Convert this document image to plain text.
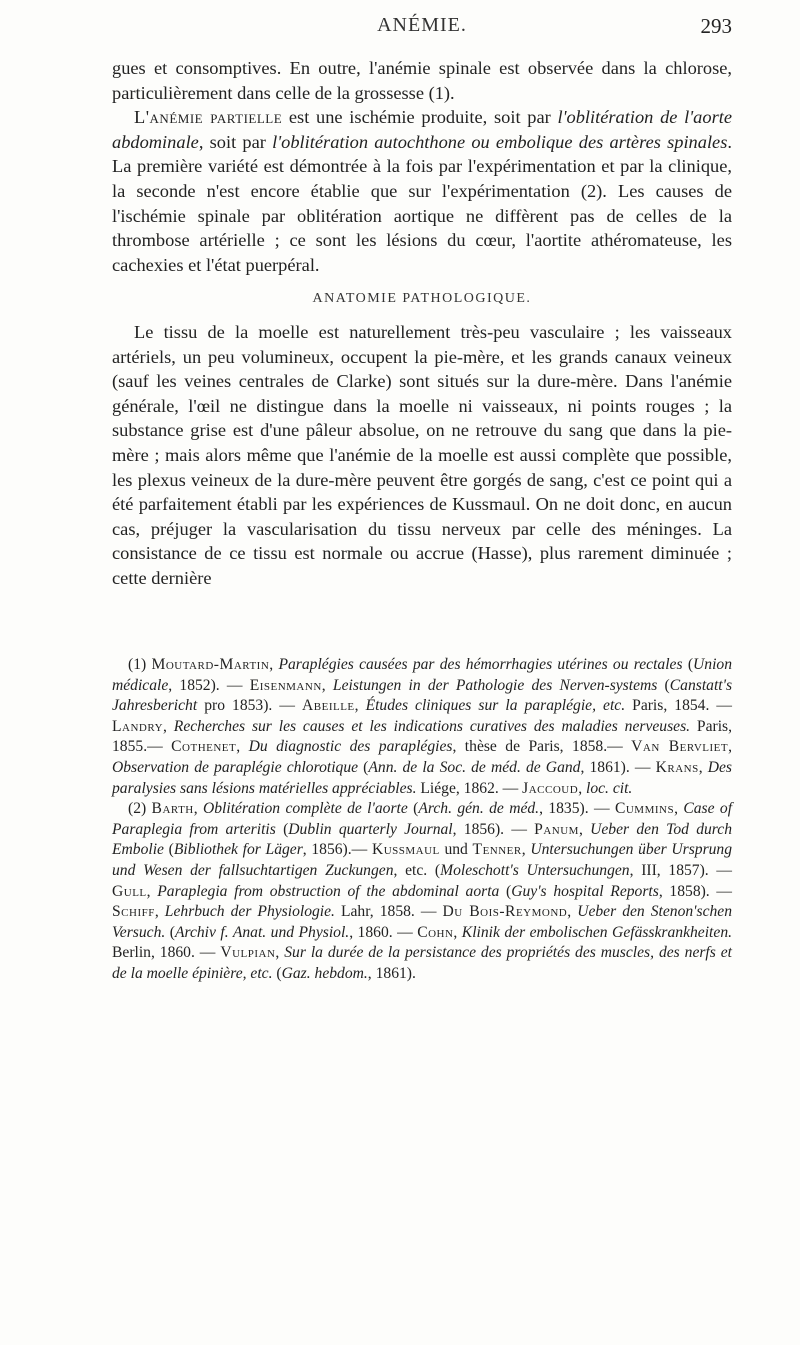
ANÉMIE.	293

gues et consomptives. En outre, l'anémie spinale est observée dans la chlorose, particulièrement dans celle de la grossesse (1).

L'anémie partielle est une ischémie produite, soit par l'oblitération de l'aorte abdominale, soit par l'oblitération autochthone ou embolique des artères spinales. La première variété est démontrée à la fois par l'expérimentation et par la clinique, la seconde n'est encore établie que sur l'expérimentation (2). Les causes de l'ischémie spinale par oblitération aortique ne diffèrent pas de celles de la thrombose artérielle ; ce sont les lésions du cœur, l'aortite athéromateuse, les cachexies et l'état puerpéral.

ANATOMIE PATHOLOGIQUE.

Le tissu de la moelle est naturellement très-peu vasculaire ; les vaisseaux artériels, un peu volumineux, occupent la pie-mère, et les grands canaux veineux (sauf les veines centrales de Clarke) sont situés sur la dure-mère. Dans l'anémie générale, l'œil ne distingue dans la moelle ni vaisseaux, ni points rouges ; la substance grise est d'une pâleur absolue, on ne retrouve du sang que dans la pie-mère ; mais alors même que l'anémie de la moelle est aussi complète que possible, les plexus veineux de la dure-mère peuvent être gorgés de sang, c'est ce point qui a été parfaitement établi par les expériences de Kussmaul. On ne doit donc, en aucun cas, préjuger la vascularisation du tissu nerveux par celle des méninges. La consistance de ce tissu est normale ou accrue (Hasse), plus rarement diminuée ; cette dernière

(1) Moutard-Martin, Paraplégies causées par des hémorrhagies utérines ou rectales (Union médicale, 1852). — Eisenmann, Leistungen in der Pathologie des Nerven-systems (Canstatt's Jahresbericht pro 1853). — Abeille, Études cliniques sur la paraplégie, etc. Paris, 1854. — Landry, Recherches sur les causes et les indications curatives des maladies nerveuses. Paris, 1855.— Cothenet, Du diagnostic des paraplégies, thèse de Paris, 1858.— Van Bervliet, Observation de paraplégie chlorotique (Ann. de la Soc. de méd. de Gand, 1861). — Krans, Des paralysies sans lésions matérielles appréciables. Liége, 1862. — Jaccoud, loc. cit.

(2) Barth, Oblitération complète de l'aorte (Arch. gén. de méd., 1835). — Cummins, Case of Paraplegia from arteritis (Dublin quarterly Journal, 1856). — Panum, Ueber den Tod durch Embolie (Bibliothek for Läger, 1856).— Kussmaul und Tenner, Untersuchungen über Ursprung und Wesen der fallsuchtartigen Zuckungen, etc. (Moleschott's Untersuchungen, III, 1857). — Gull, Paraplegia from obstruction of the abdominal aorta (Guy's hospital Reports, 1858). — Schiff, Lehrbuch der Physiologie. Lahr, 1858. — Du Bois-Reymond, Ueber den Stenon'schen Versuch. (Archiv f. Anat. und Physiol., 1860. — Cohn, Klinik der embolischen Gefässkrankheiten. Berlin, 1860. — Vulpian, Sur la durée de la persistance des propriétés des muscles, des nerfs et de la moelle épinière, etc. (Gaz. hebdom., 1861).
